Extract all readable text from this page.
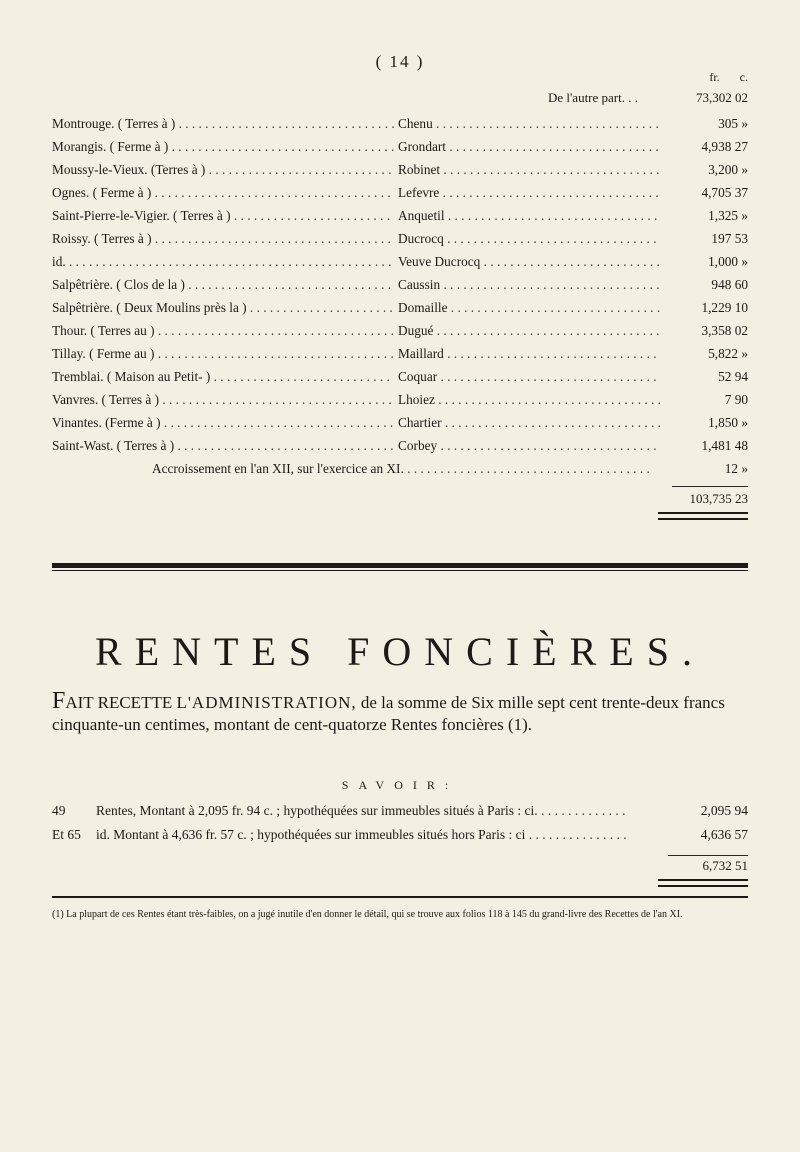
( 14 )
fr. c.
De l'autre part. . .	73,302 02
Montrouge. ( Terres à ) . . .	Chenu . . .	305 »
Morangis. ( Ferme à ) . . .	Grondart . . .	4,938 27
Moussy-le-Vieux. (Terres à ) . . .	Robinet . . .	3,200 »
Ognes. ( Ferme à ) . . .	Lefevre . . .	4,705 37
Saint-Pierre-le-Vigier. ( Terres à ) . . .	Anquetil . . .	1,325 »
Roissy. ( Terres à ) . . .	Ducrocq . . .	197 53
id. . . .	Veuve Ducrocq . . .	1,000 »
Salpêtrière. ( Clos de la ) . . .	Caussin . . .	948 60
Salpêtrière. ( Deux Moulins près la ) . . .	Domaille . . .	1,229 10
Thour. ( Terres au ) . . .	Dugué . . .	3,358 02
Tillay. ( Ferme au ) . . .	Maillard . . .	5,822 »
Tremblai. ( Maison au Petit- ) . . .	Coquar . . .	52 94
Vanvres. ( Terres à ) . . .	Lhoiez . . .	7 90
Vinantes. (Ferme à ) . . .	Chartier . . .	1,850 »
Saint-Wast. ( Terres à ) . . .	Corbey . . .	1,481 48
Accroissement en l'an XII, sur l'exercice an XI. . . .	12 »
103,735 23
RENTES FONCIÈRES.
FAIT RECETTE L'ADMINISTRATION, de la somme de Six mille sept cent trente-deux francs cinquante-un centimes, montant de cent-quatorze Rentes foncières (1).
SAVOIR:
49 Rentes, Montant à 2,095 fr. 94 c. ; hypothéquées sur immeubles situés à Paris : ci. . . .	2,095 94
Et 65 id. Montant à 4,636 fr. 57 c. ; hypothéquées sur immeubles situés hors Paris : ci . . .	4,636 57
6,732 51
(1) La plupart de ces Rentes étant très-faibles, on a jugé inutile d'en donner le détail, qui se trouve aux folios 118 à 145 du grand-livre des Recettes de l'an XI.
